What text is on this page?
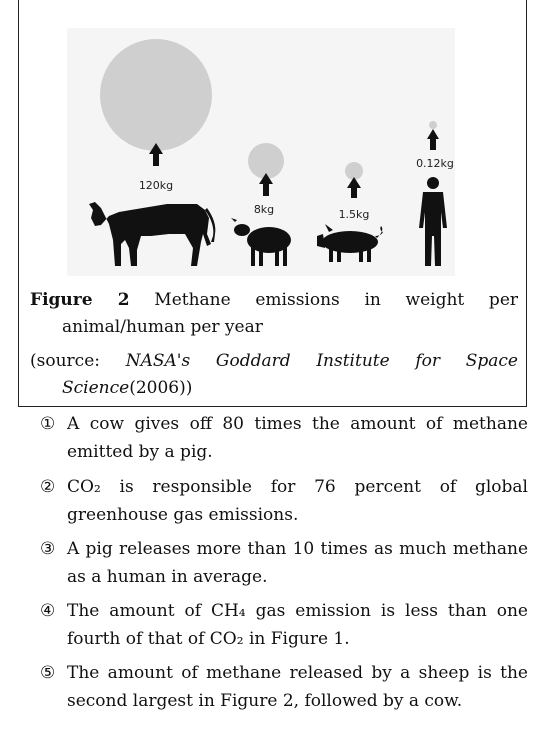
120kg
8kg	1.5kg
0.12kg
Figure 2 Methane emissions in weight per
animal/human per year
(source: NASA's Goddard Institute for Space
Science(2006))
① A cow gives off 80 times the amount of methane
emitted by a pig.
② CO₂ is responsible for 76 percent of global
greenhouse gas emissions.
③ A pig releases more than 10 times as much methane
as a human in average.
④ The amount of CH₄ gas emission is less than one
fourth of that of CO₂ in Figure 1.
⑤ The amount of methane released by a sheep is the
second largest in Figure 2, followed by a cow.
